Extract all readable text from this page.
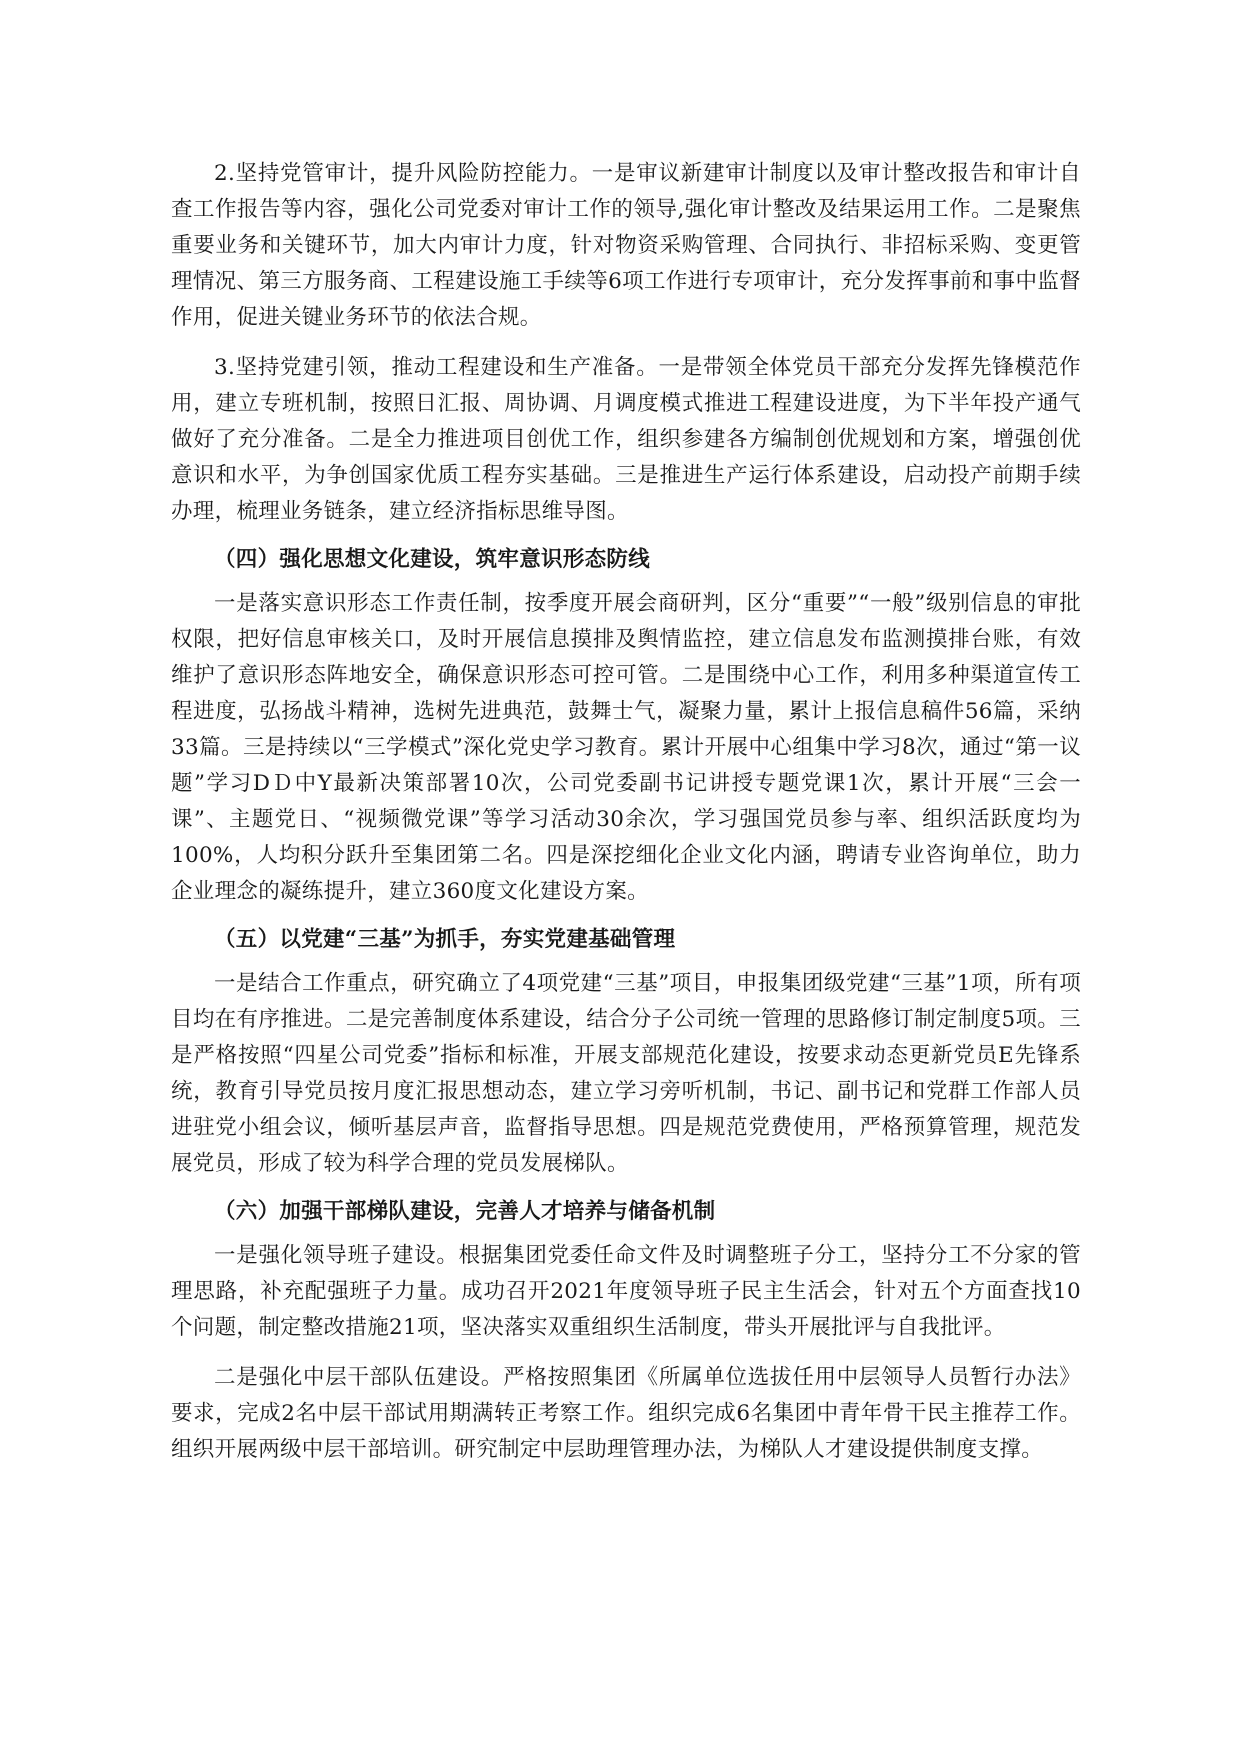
2.坚持党管审计，提升风险防控能力。一是审议新建审计制度以及审计整改报告和审计自查工作报告等内容，强化公司党委对审计工作的领导,强化审计整改及结果运用工作。二是聚焦重要业务和关键环节，加大内审计力度，针对物资采购管理、合同执行、非招标采购、变更管理情况、第三方服务商、工程建设施工手续等6项工作进行专项审计，充分发挥事前和事中监督作用，促进关键业务环节的依法合规。

3.坚持党建引领，推动工程建设和生产准备。一是带领全体党员干部充分发挥先锋模范作用，建立专班机制，按照日汇报、周协调、月调度模式推进工程建设进度，为下半年投产通气做好了充分准备。二是全力推进项目创优工作，组织参建各方编制创优规划和方案，增强创优意识和水平，为争创国家优质工程夯实基础。三是推进生产运行体系建设，启动投产前期手续办理，梳理业务链条，建立经济指标思维导图。

（四）强化思想文化建设，筑牢意识形态防线

一是落实意识形态工作责任制，按季度开展会商研判，区分“重要”“一般”级别信息的审批权限，把好信息审核关口，及时开展信息摸排及舆情监控，建立信息发布监测摸排台账，有效维护了意识形态阵地安全，确保意识形态可控可管。二是围绕中心工作，利用多种渠道宣传工程进度，弘扬战斗精神，选树先进典范，鼓舞士气，凝聚力量，累计上报信息稿件56篇，采纳33篇。三是持续以“三学模式”深化党史学习教育。累计开展中心组集中学习8次，通过“第一议题”学习DＤ中Y最新决策部署10次，公司党委副书记讲授专题党课1次，累计开展“三会一课”、主题党日、“视频微党课”等学习活动30余次，学习强国党员参与率、组织活跃度均为100%，人均积分跃升至集团第二名。四是深挖细化企业文化内涵，聘请专业咨询单位，助力企业理念的凝练提升，建立360度文化建设方案。

（五）以党建“三基”为抓手，夯实党建基础管理

一是结合工作重点，研究确立了4项党建“三基”项目，申报集团级党建“三基”1项，所有项目均在有序推进。二是完善制度体系建设，结合分子公司统一管理的思路修订制定制度5项。三是严格按照“四星公司党委”指标和标准，开展支部规范化建设，按要求动态更新党员E先锋系统，教育引导党员按月度汇报思想动态，建立学习旁听机制，书记、副书记和党群工作部人员进驻党小组会议，倾听基层声音，监督指导思想。四是规范党费使用，严格预算管理，规范发展党员，形成了较为科学合理的党员发展梯队。

（六）加强干部梯队建设，完善人才培养与储备机制

一是强化领导班子建设。根据集团党委任命文件及时调整班子分工，坚持分工不分家的管理思路，补充配强班子力量。成功召开2021年度领导班子民主生活会，针对五个方面查找10个问题，制定整改措施21项，坚决落实双重组织生活制度，带头开展批评与自我批评。

二是强化中层干部队伍建设。严格按照集团《所属单位选拔任用中层领导人员暂行办法》要求，完成2名中层干部试用期满转正考察工作。组织完成6名集团中青年骨干民主推荐工作。组织开展两级中层干部培训。研究制定中层助理管理办法，为梯队人才建设提供制度支撑。
